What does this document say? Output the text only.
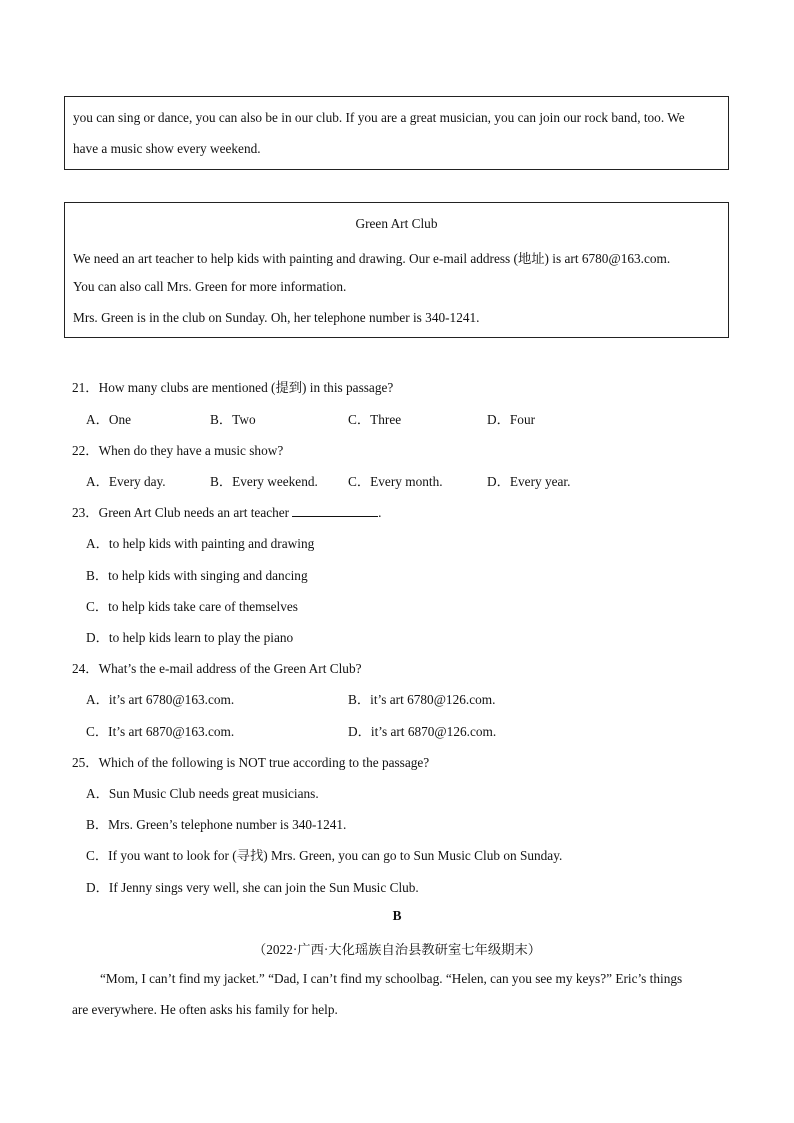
you can sing or dance, you can also be in our club. If you are a great musician, you can join our rock band, too. We
have a music show every weekend.
Green Art Club
We need an art teacher to help kids with painting and drawing. Our e-mail address (地址) is art 6780@163.com.
You can also call Mrs. Green for more information.
Mrs. Green is in the club on Sunday. Oh, her telephone number is 340-1241.
21．How many clubs are mentioned (提到) in this passage?
A．One	B．Two	C．Three	D．Four
22．When do they have a music show?
A．Every day.	B．Every weekend. C．Every month.	D．Every year.
23．Green Art Club needs an art teacher	.
A．to help kids with painting and drawing
B．to help kids with singing and dancing
C．to help kids take care of themselves
D．to help kids learn to play the piano
24．What’s the e-mail address of the Green Art Club?
A．it’s art 6780@163.com.	B．it’s art 6780@126.com.
C．It’s art 6870@163.com.	D．it’s art 6870@126.com.
25．Which of the following is NOT true according to the passage?
A．Sun Music Club needs great musicians.
B．Mrs. Green’s telephone number is 340-1241.
C．If you want to look for (寻找) Mrs. Green, you can go to Sun Music Club on Sunday.
D．If Jenny sings very well, she can join the Sun Music Club.
B
（2022·广西·大化瑶族自治县教研室七年级期末）
“Mom, I can’t find my jacket.” “Dad, I can’t find my schoolbag. “Helen, can you see my keys?” Eric’s things
are everywhere. He often asks his family for help.
